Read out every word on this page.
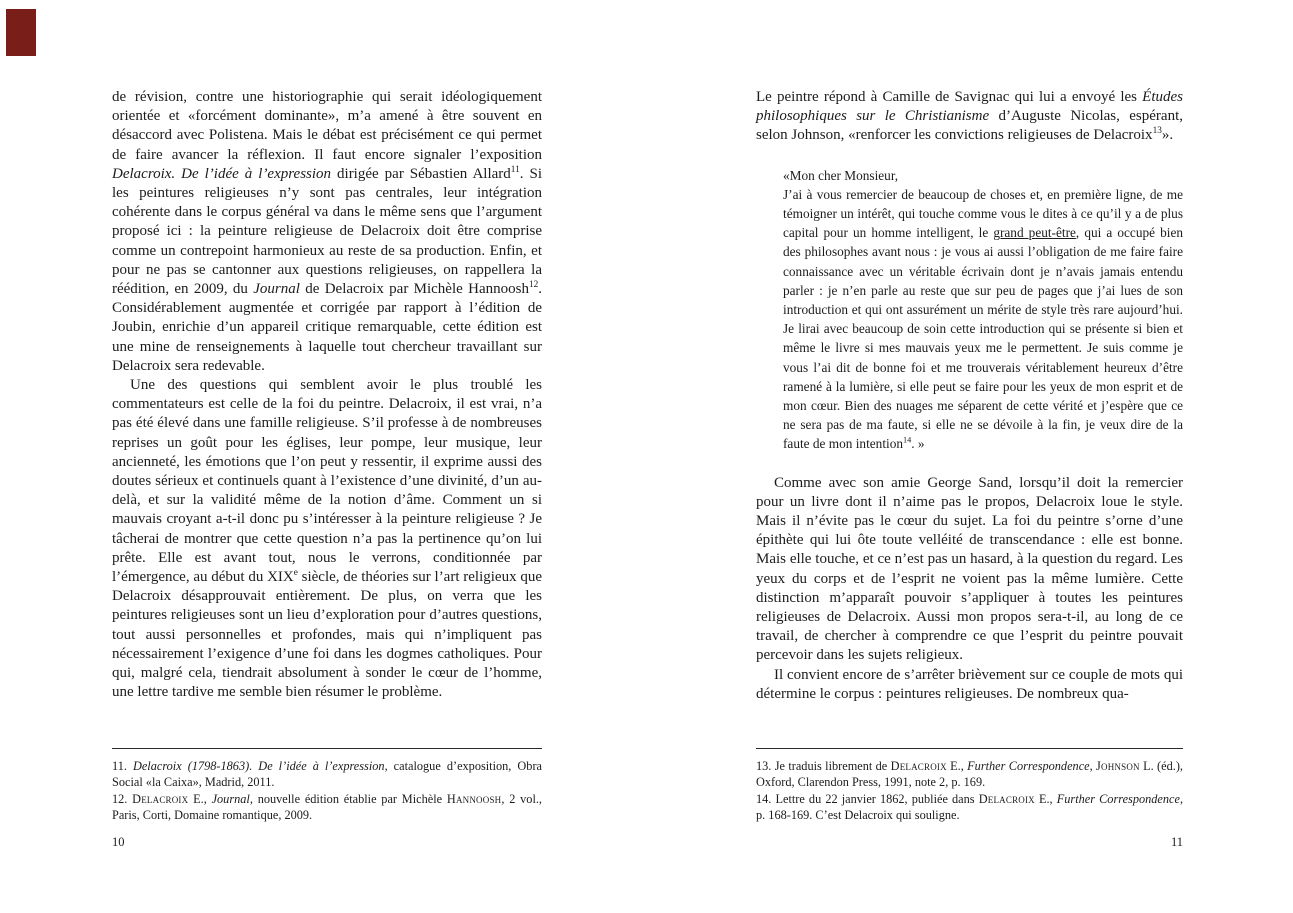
de révision, contre une historiographie qui serait idéologiquement orientée et «forcément dominante», m’a amené à être souvent en désaccord avec Polistena. Mais le débat est précisément ce qui permet de faire avancer la réflexion. Il faut encore signaler l’exposition Delacroix. De l’idée à l’expression dirigée par Sébastien Allard$^{11}$. Si les peintures religieuses n’y sont pas centrales, leur intégration cohérente dans le corpus général va dans le même sens que l’argument proposé ici : la peinture religieuse de Delacroix doit être comprise comme un contrepoint harmonieux au reste de sa production. Enfin, et pour ne pas se cantonner aux questions religieuses, on rappellera la réédition, en 2009, du Journal de Delacroix par Michèle Hannoosh$^{12}$. Considérablement augmentée et corrigée par rapport à l’édition de Joubin, enrichie d’un appareil critique remarquable, cette édition est une mine de renseignements à laquelle tout chercheur travaillant sur Delacroix sera redevable.

Une des questions qui semblent avoir le plus troublé les commentateurs est celle de la foi du peintre. Delacroix, il est vrai, n’a pas été élevé dans une famille religieuse. S’il professe à de nombreuses reprises un goût pour les églises, leur pompe, leur musique, leur ancienneté, les émotions que l’on peut y ressentir, il exprime aussi des doutes sérieux et continuels quant à l’existence d’une divinité, d’un au-delà, et sur la validité même de la notion d’âme. Comment un si mauvais croyant a-t-il donc pu s’intéresser à la peinture religieuse ? Je tâcherai de montrer que cette question n’a pas la pertinence qu’on lui prête. Elle est avant tout, nous le verrons, conditionnée par l’émergence, au début du XIXe siècle, de théories sur l’art religieux que Delacroix désapprouvait entièrement. De plus, on verra que les peintures religieuses sont un lieu d’exploration pour d’autres questions, tout aussi personnelles et profondes, mais qui n’impliquent pas nécessairement l’exigence d’une foi dans les dogmes catholiques. Pour qui, malgré cela, tiendrait absolument à sonder le cœur de l’homme, une lettre tardive me semble bien résumer le problème.

11. Delacroix (1798-1863). De l’idée à l’expression, catalogue d’exposition, Obra Social «la Caixa», Madrid, 2011.

12. Delacroix E., Journal, nouvelle édition établie par Michèle Hannoosh, 2 vol., Paris, Corti, Domaine romantique, 2009.

10

Le peintre répond à Camille de Savignac qui lui a envoyé les Études philosophiques sur le Christianisme d’Auguste Nicolas, espérant, selon Johnson, «renforcer les convictions religieuses de Delacroix$^{13}$».

«Mon cher Monsieur,

J’ai à vous remercier de beaucoup de choses et, en première ligne, de me témoigner un intérêt, qui touche comme vous le dites à ce qu’il y a de plus capital pour un homme intelligent, le grand peut-être, qui a occupé bien des philosophes avant nous : je vous ai aussi l’obligation de me faire faire connaissance avec un véritable écrivain dont je n’avais jamais entendu parler : je n’en parle au reste que sur peu de pages que j’ai lues de son introduction et qui ont assurément un mérite de style très rare aujourd’hui. Je lirai avec beaucoup de soin cette introduction qui se présente si bien et même le livre si mes mauvais yeux me le permettent. Je suis comme je vous l’ai dit de bonne foi et me trouverais véritablement heureux d’être ramené à la lumière, si elle peut se faire pour les yeux de mon esprit et de mon cœur. Bien des nuages me séparent de cette vérité et j’espère que ce ne sera pas de ma faute, si elle ne se dévoile à la fin, je veux dire de la faute de mon intention$^{14}$. »

Comme avec son amie George Sand, lorsqu’il doit la remercier pour un livre dont il n’aime pas le propos, Delacroix loue le style. Mais il n’évite pas le cœur du sujet. La foi du peintre s’orne d’une épithète qui lui ôte toute velléité de transcendance : elle est bonne. Mais elle touche, et ce n’est pas un hasard, à la question du regard. Les yeux du corps et de l’esprit ne voient pas la même lumière. Cette distinction m’apparaît pouvoir s’appliquer à toutes les peintures religieuses de Delacroix. Aussi mon propos sera-t-il, au long de ce travail, de chercher à comprendre ce que l’esprit du peintre pouvait percevoir dans les sujets religieux.

Il convient encore de s’arrêter brièvement sur ce couple de mots qui détermine le corpus : peintures religieuses. De nombreux qua-

13. Je traduis librement de Delacroix E., Further Correspondence, Johnson L. (éd.), Oxford, Clarendon Press, 1991, note 2, p. 169.

14. Lettre du 22 janvier 1862, publiée dans Delacroix E., Further Correspondence, p. 168-169. C’est Delacroix qui souligne.

11
